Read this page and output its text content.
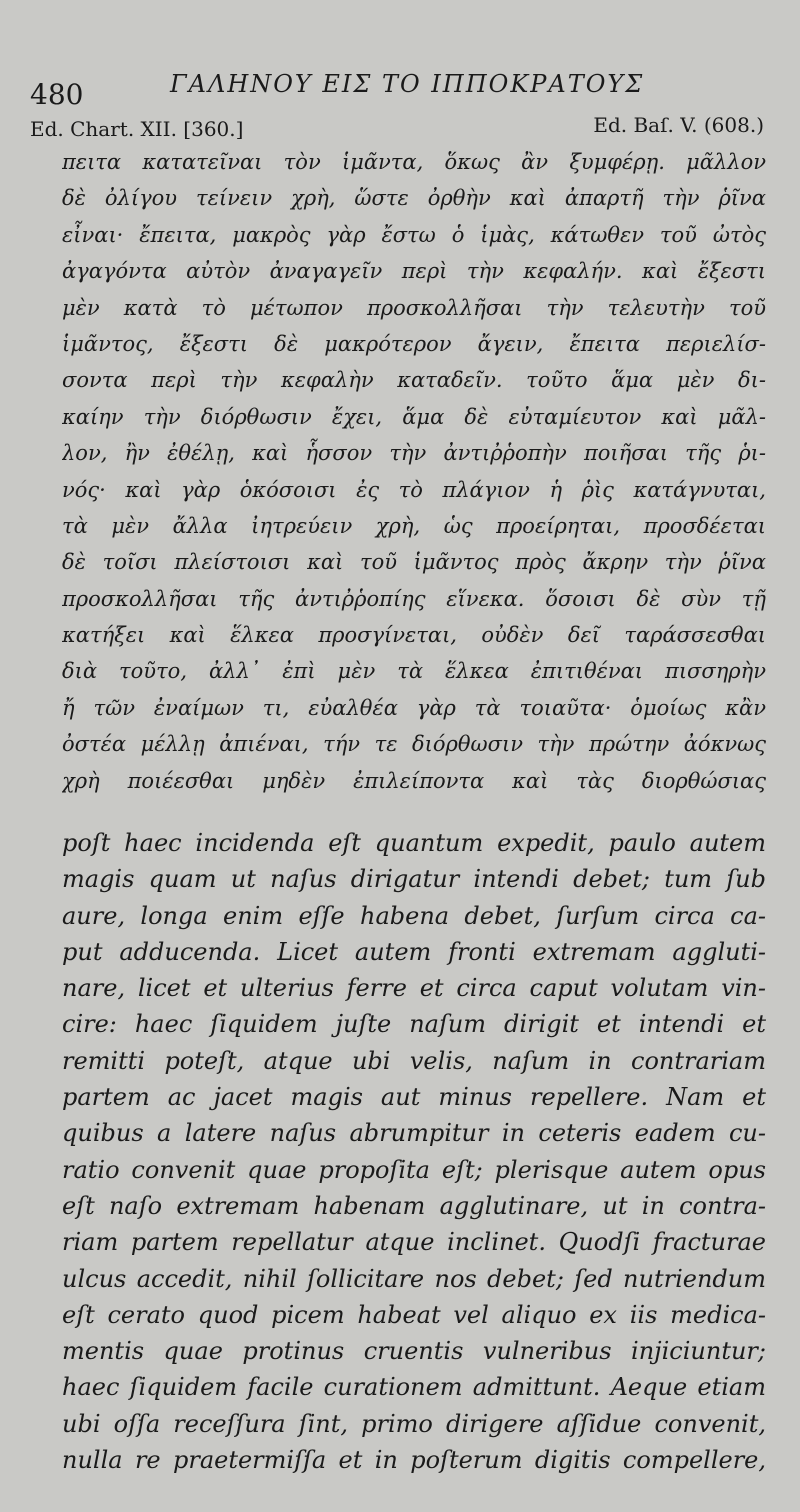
480	ΓΑΛΗΝΟΥ ΕΙΣ ΤΟ ΙΠΠΟΚΡΑΤΟΥΣ
Ed. Chart. XII. [360.]	Ed. Baſ. V. (608.)
πειτα κατατεῖναι τὸν ἱμᾶντα, ὅκως ἂν ξυμφέρῃ. μᾶλλον
δὲ ὀλίγου τείνειν χρὴ, ὥστε ὀρθὴν καὶ ἀπαρτῆ τὴν ῥῖνα
εἶναι· ἔπειτα, μακρὸς γὰρ ἔστω ὁ ἱμὰς, κάτωθεν τοῦ ὠτὸς
ἀγαγόντα αὐτὸν ἀναγαγεῖν περὶ τὴν κεφαλήν. καὶ ἔξεστι
μὲν κατὰ τὸ μέτωπον προσκολλῆσαι τὴν τελευτὴν τοῦ
ἱμᾶντος, ἔξεστι δὲ μακρότερον ἄγειν, ἔπειτα περιελίσ-
σοντα περὶ τὴν κεφαλὴν καταδεῖν. τοῦτο ἅμα μὲν δι-
καίην τὴν διόρθωσιν ἔχει, ἅμα δὲ εὐταμίευτον καὶ μᾶλ-
λον, ἢν ἐθέλῃ, καὶ ἧσσον τὴν ἀντιῤῥοπὴν ποιῆσαι τῆς ῥι-
νός· καὶ γὰρ ὁκόσοισι ἐς τὸ πλάγιον ἡ ῥὶς κατάγνυται,
τὰ μὲν ἄλλα ἰητρεύειν χρὴ, ὡς προείρηται, προσδέεται
δὲ τοῖσι πλείστοισι καὶ τοῦ ἱμᾶντος πρὸς ἄκρην τὴν ῥῖνα
προσκολλῆσαι τῆς ἀντιῤῥοπίης εἵνεκα. ὅσοισι δὲ σὺν τῇ
κατήξει καὶ ἕλκεα προσγίνεται, οὐδὲν δεῖ ταράσσεσθαι
διὰ τοῦτο, ἀλλ᾽ ἐπὶ μὲν τὰ ἕλκεα ἐπιτιθέναι πισσηρὴν
ἤ τῶν ἐναίμων τι, εὐαλθέα γὰρ τὰ τοιαῦτα· ὁμοίως κἂν
ὀστέα μέλλῃ ἀπιέναι, τήν τε διόρθωσιν τὴν πρώτην ἀόκνως
χρὴ ποιέεσθαι μηδὲν ἐπιλείποντα καὶ τὰς διορθώσιας
poſt haec incidenda eſt quantum expedit, paulo autem
magis quam ut naſus dirigatur intendi debet; tum ſub
aure, longa enim eſſe habena debet, ſurſum circa ca-
put adducenda. Licet autem fronti extremam aggluti-
nare, licet et ulterius ferre et circa caput volutam vin-
cire: haec ſiquidem juſte naſum dirigit et intendi et
remitti poteſt, atque ubi velis, naſum in contrariam
partem ac jacet magis aut minus repellere. Nam et
quibus a latere naſus abrumpitur in ceteris eadem cu-
ratio convenit quae propoſita eſt; plerisque autem opus
eſt naſo extremam habenam agglutinare, ut in contra-
riam partem repellatur atque inclinet. Quodſi fracturae
ulcus accedit, nihil ſollicitare nos debet; ſed nutriendum
eſt cerato quod picem habeat vel aliquo ex iis medica-
mentis quae protinus cruentis vulneribus injiciuntur;
haec ſiquidem facile curationem admittunt. Aeque etiam
ubi oſſa receſſura ſint, primo dirigere aſſidue convenit,
nulla re praetermiſſa et in poſterum digitis compellere,
